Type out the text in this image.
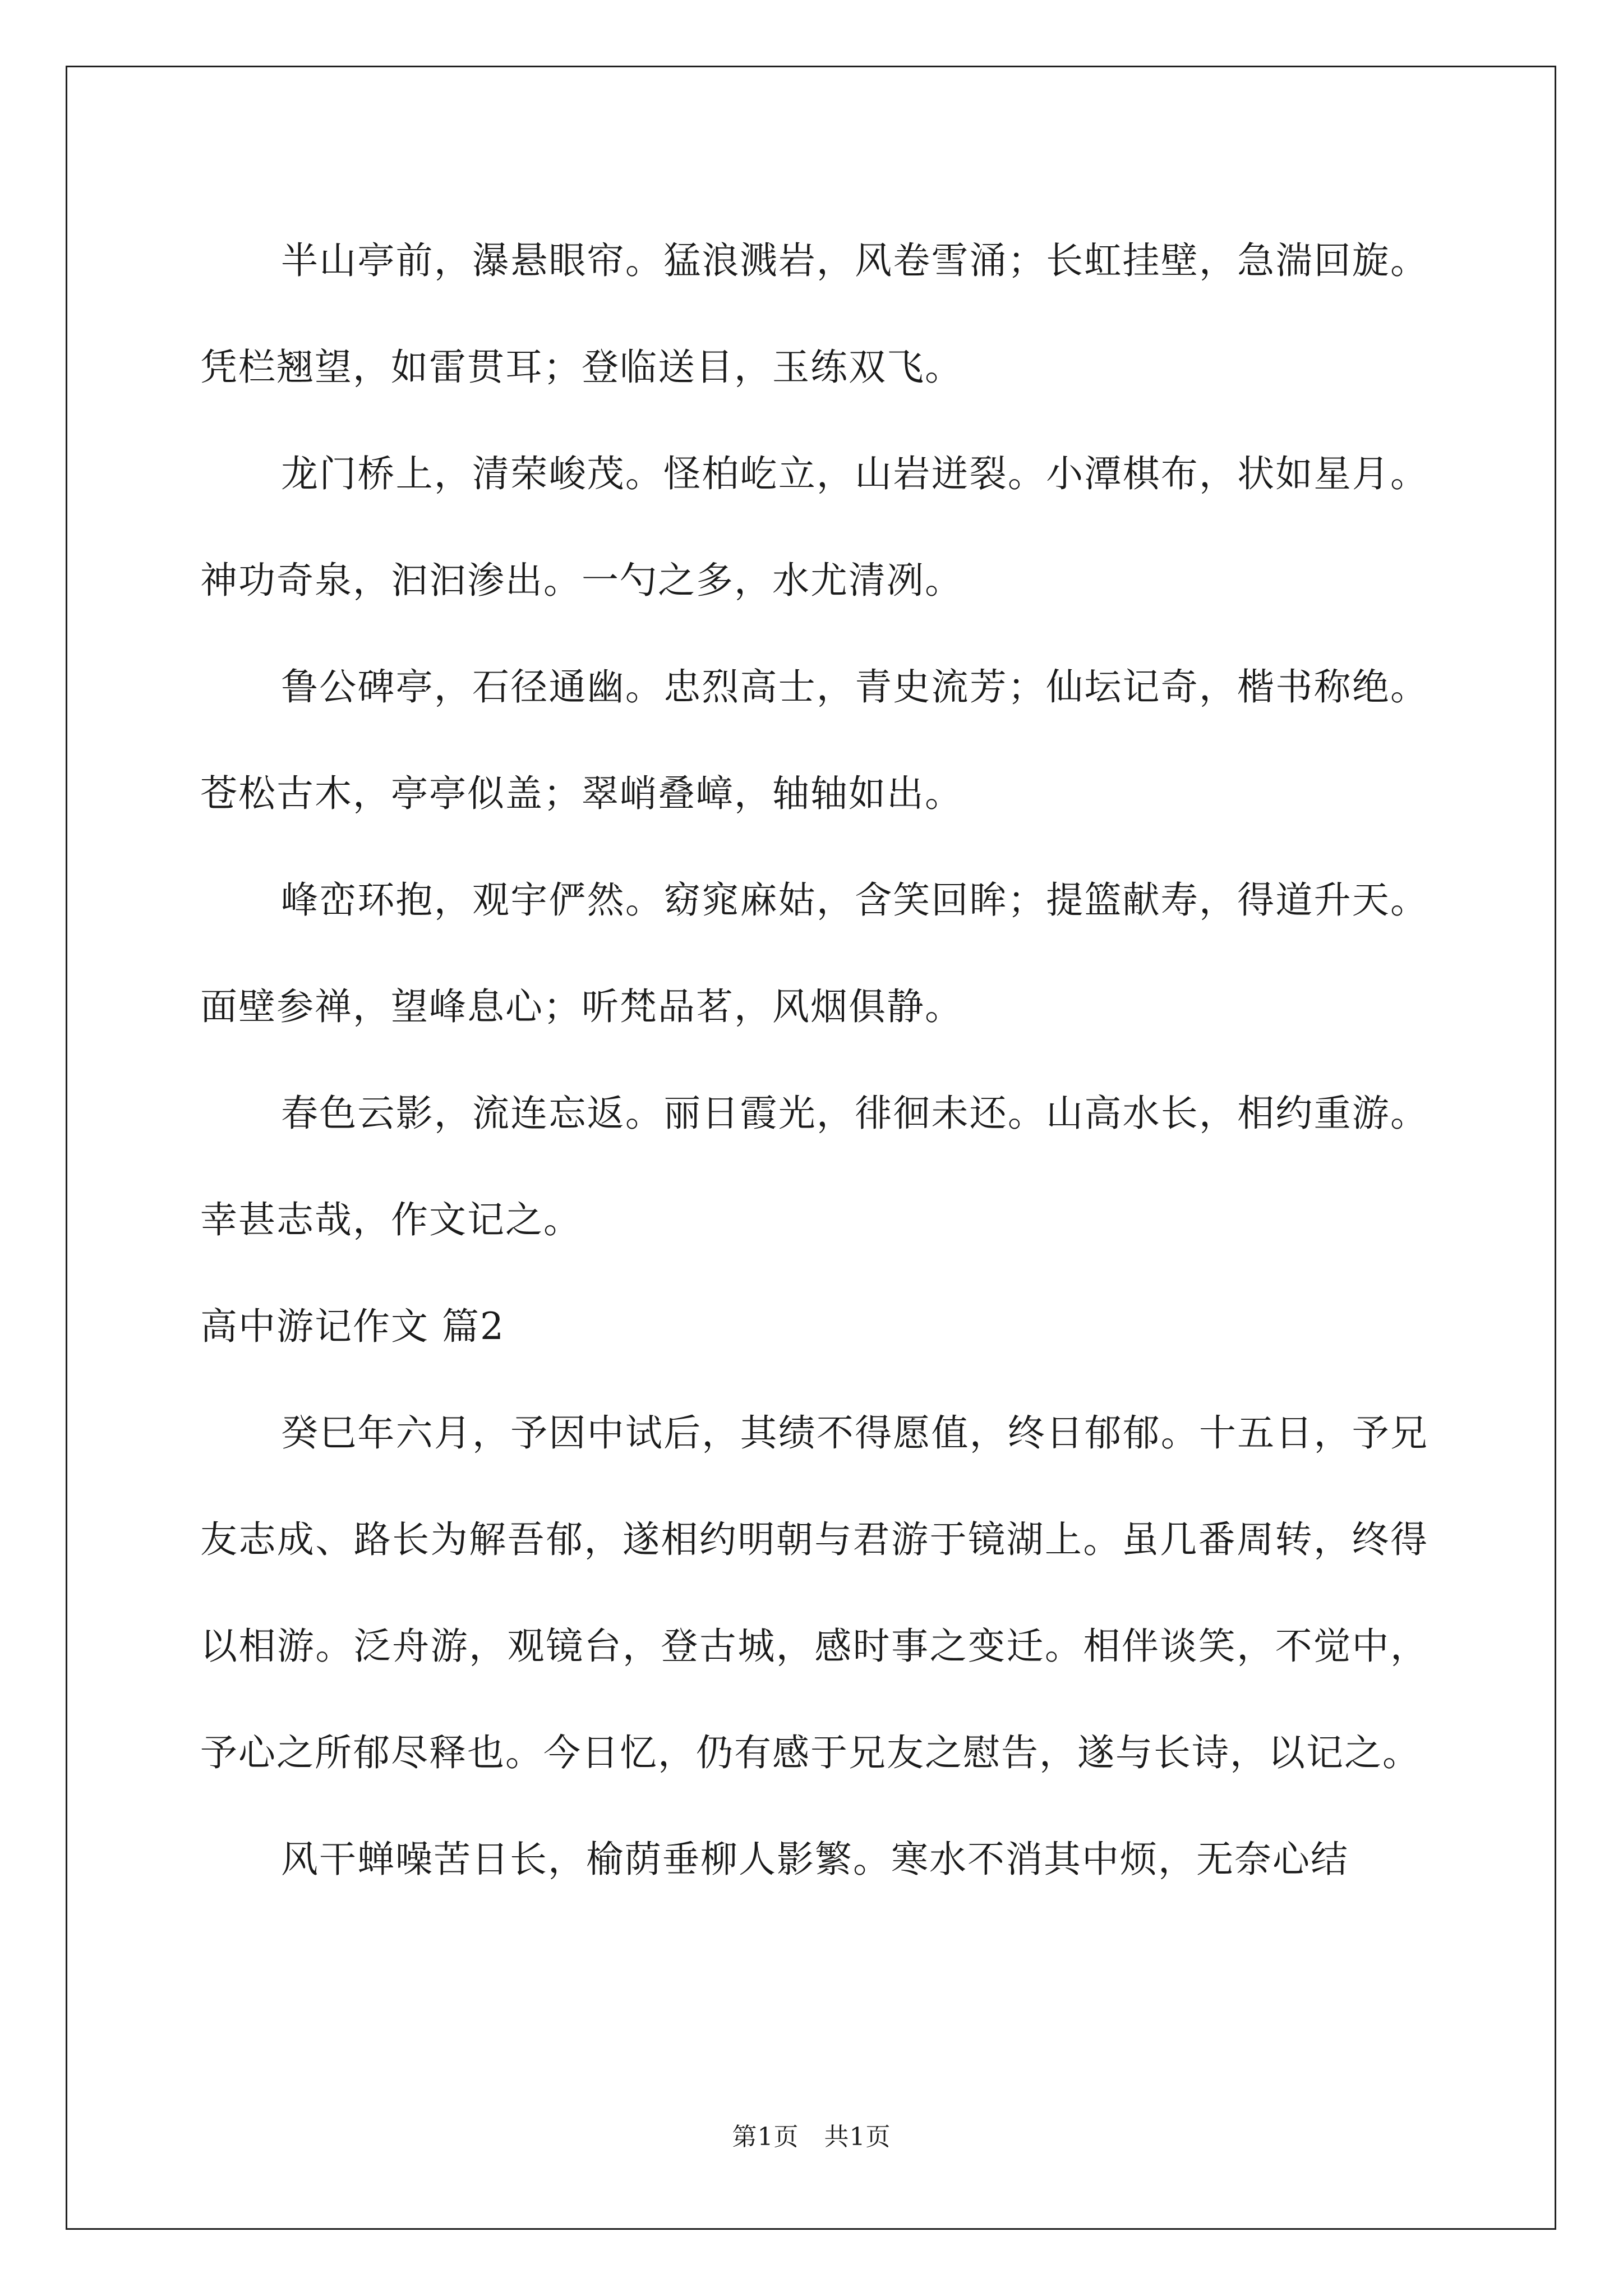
半山亭前，瀑悬眼帘。猛浪溅岩，风卷雪涌；长虹挂壁，急湍回旋。凭栏翘望，如雷贯耳；登临送目，玉练双飞。

龙门桥上，清荣峻茂。怪柏屹立，山岩迸裂。小潭棋布，状如星月。神功奇泉，汩汩渗出。一勺之多，水尤清冽。

鲁公碑亭，石径通幽。忠烈高士，青史流芳；仙坛记奇，楷书称绝。苍松古木，亭亭似盖；翠峭叠嶂，轴轴如出。

峰峦环抱，观宇俨然。窈窕麻姑，含笑回眸；提篮献寿，得道升天。面壁参禅，望峰息心；听梵品茗，风烟俱静。

春色云影，流连忘返。丽日霞光，徘徊未还。山高水长，相约重游。幸甚志哉，作文记之。

高中游记作文 篇2

癸巳年六月，予因中试后，其绩不得愿值，终日郁郁。十五日，予兄友志成、路长为解吾郁，遂相约明朝与君游于镜湖上。虽几番周转，终得以相游。泛舟游，观镜台，登古城，感时事之变迁。相伴谈笑，不觉中，予心之所郁尽释也。今日忆，仍有感于兄友之慰告，遂与长诗，以记之。

风干蝉噪苦日长，榆荫垂柳人影繁。寒水不消其中烦，无奈心结

第1页　共1页
